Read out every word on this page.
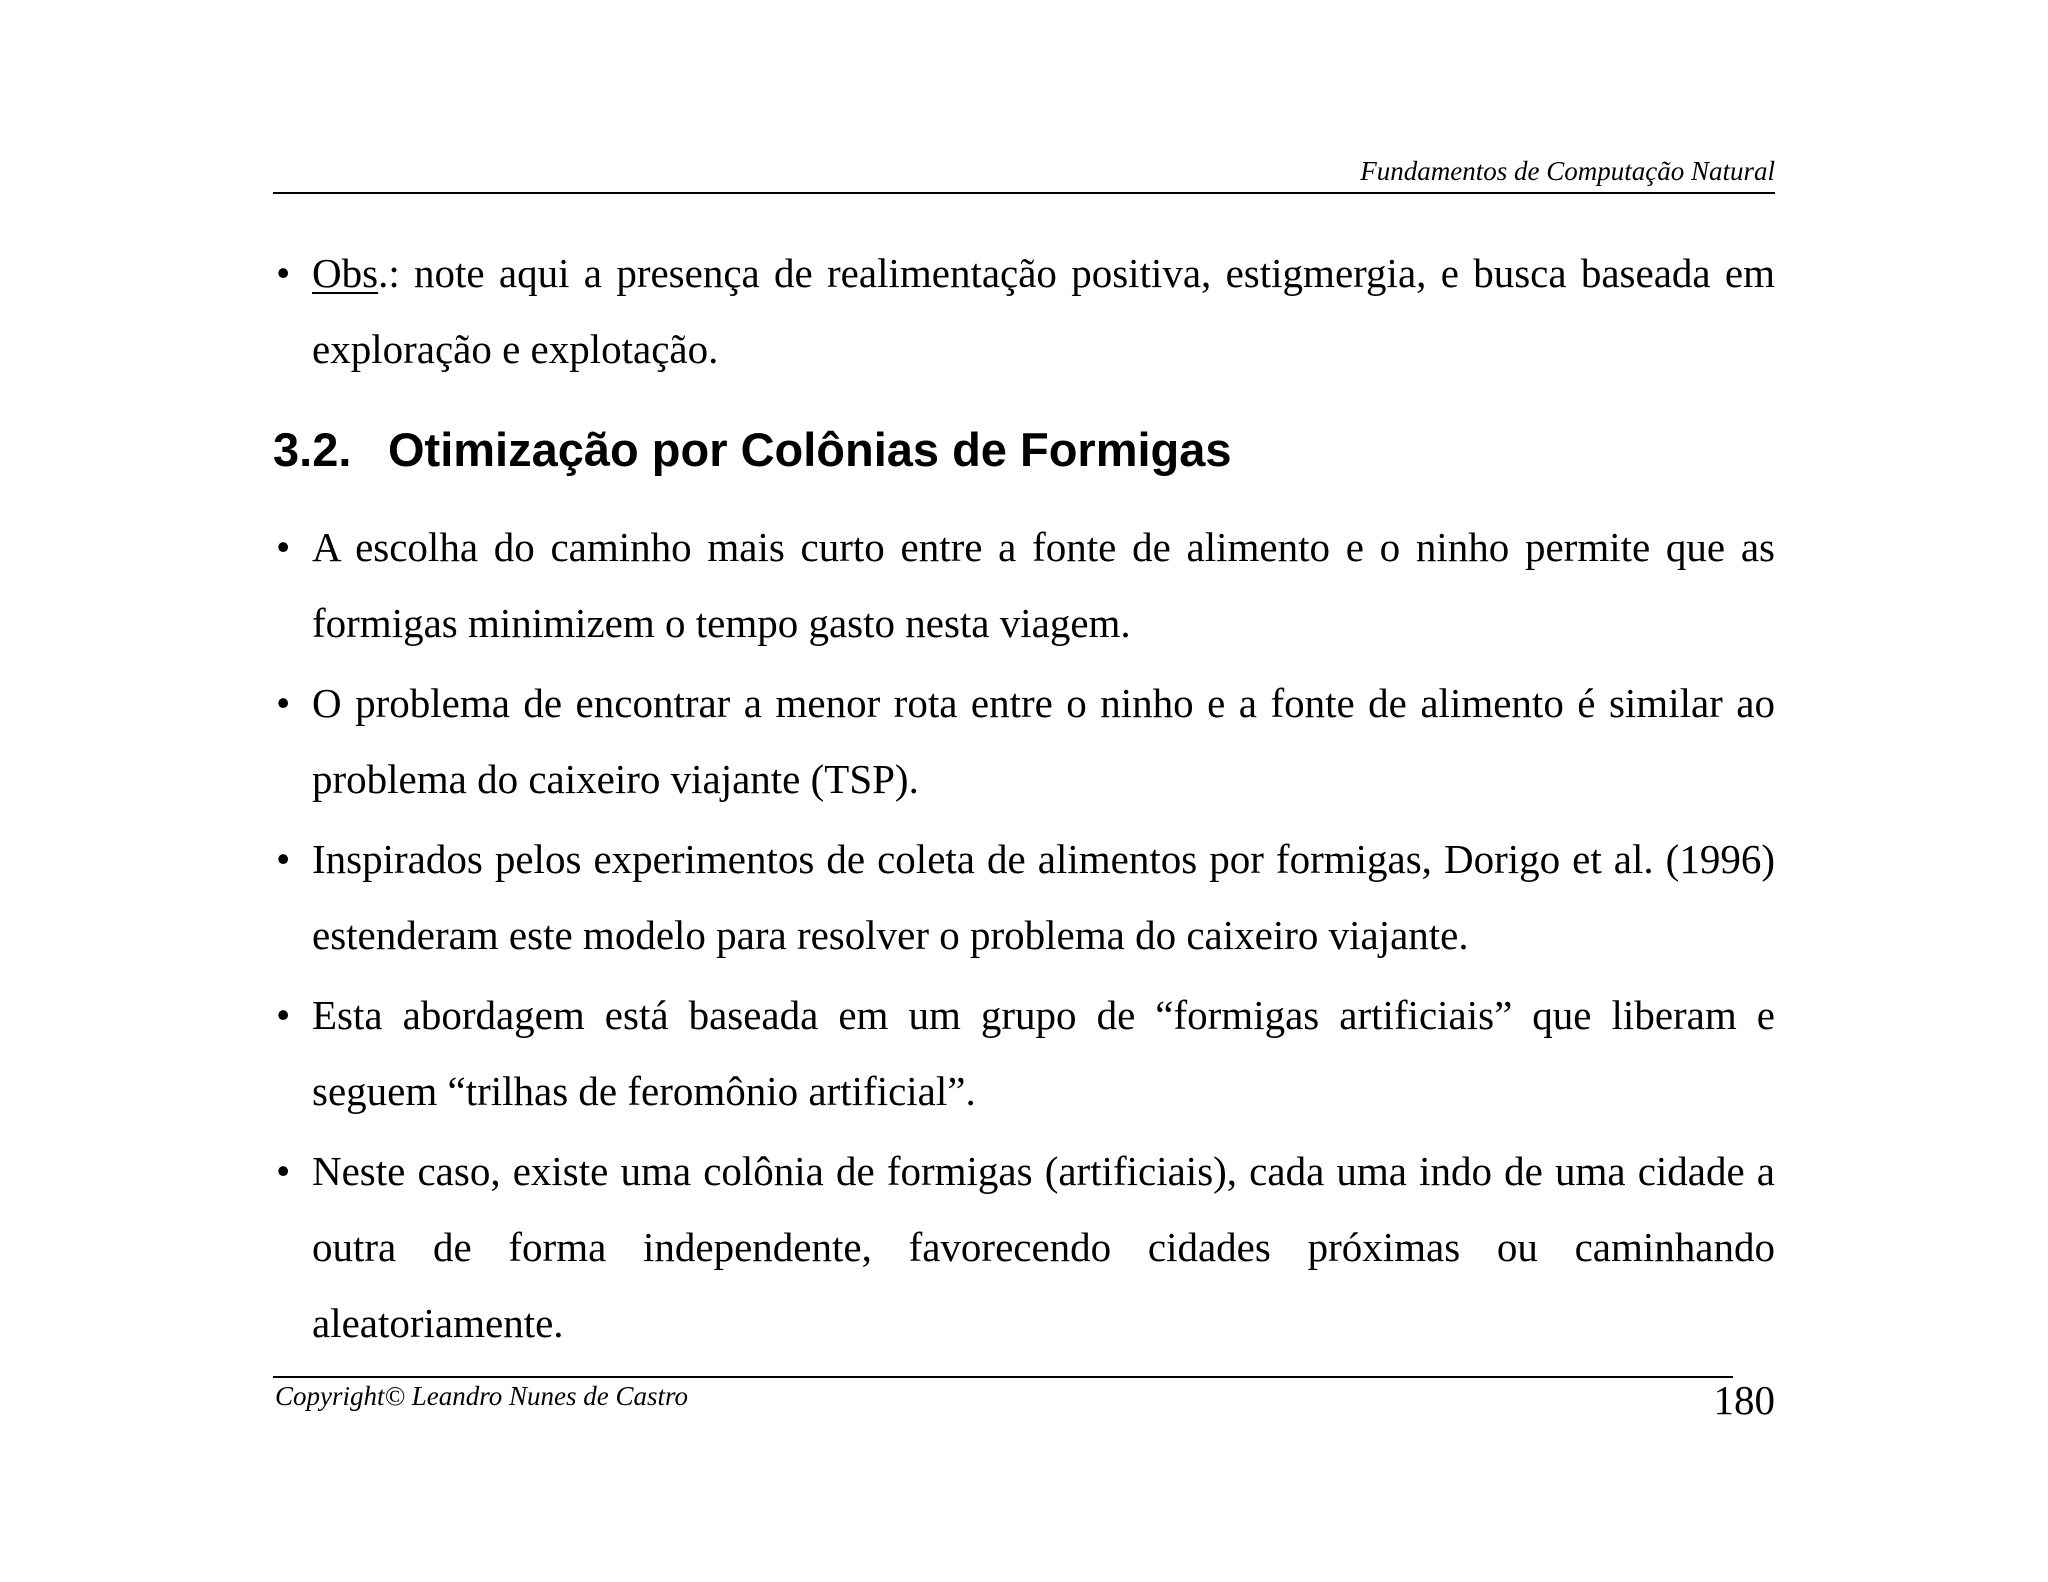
Fundamentos de Computação Natural
• Obs.: note aqui a presença de realimentação positiva, estigmergia, e busca baseada em exploração e explotação.
3.2. Otimização por Colônias de Formigas
• A escolha do caminho mais curto entre a fonte de alimento e o ninho permite que as formigas minimizem o tempo gasto nesta viagem.
• O problema de encontrar a menor rota entre o ninho e a fonte de alimento é similar ao problema do caixeiro viajante (TSP).
• Inspirados pelos experimentos de coleta de alimentos por formigas, Dorigo et al. (1996) estenderam este modelo para resolver o problema do caixeiro viajante.
• Esta abordagem está baseada em um grupo de “formigas artificiais” que liberam e seguem “trilhas de feromônio artificial”.
• Neste caso, existe uma colônia de formigas (artificiais), cada uma indo de uma cidade a outra de forma independente, favorecendo cidades próximas ou caminhando aleatoriamente.
Copyright© Leandro Nunes de Castro	180
